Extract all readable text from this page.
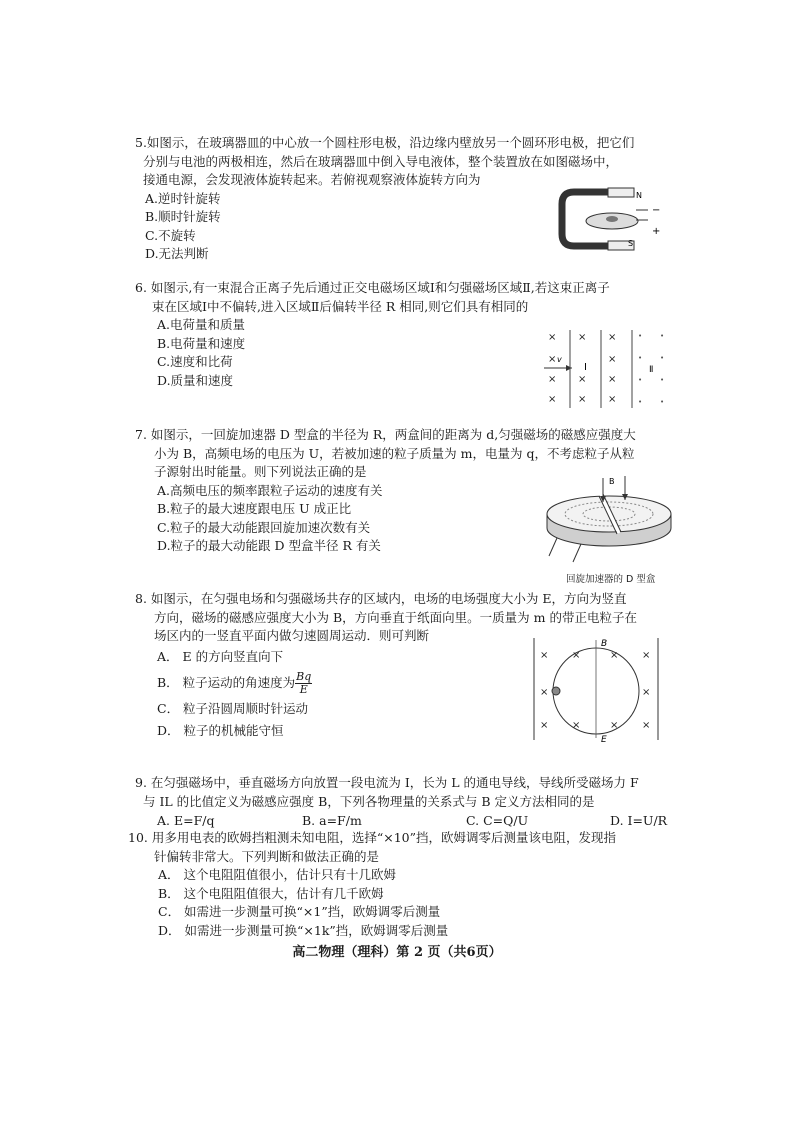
5.如图示，在玻璃器皿的中心放一个圆柱形电极，沿边缘内壁放另一个圆环形电极，把它们
分别与电池的两极相连，然后在玻璃器皿中倒入导电液体，整个装置放在如图磁场中，
接通电源，会发现液体旋转起来。若俯视观察液体旋转方向为
A.逆时针旋转
B.顺时针旋转
C.不旋转
D.无法判断
N
S
−
+
6. 如图示,有一束混合正离子先后通过正交电磁场区域Ⅰ和匀强磁场区域Ⅱ,若这束正离子
束在区域Ⅰ中不偏转,进入区域Ⅱ后偏转半径 R 相同,则它们具有相同的
A.电荷量和质量
B.电荷量和速度
C.速度和比荷
D.质量和速度
× × ×
×	×
× × ×
× × ×
v
Ⅰ
•	•
•	•
•	•
•	•
Ⅱ
7. 如图示，一回旋加速器 D 型盒的半径为 R，两盒间的距离为 d,匀强磁场的磁感应强度大
小为 B，高频电场的电压为 U，若被加速的粒子质量为 m，电量为 q，不考虑粒子从粒
子源射出时能量。则下列说法正确的是
A.高频电压的频率跟粒子运动的速度有关
B.粒子的最大速度跟电压 U 成正比
C.粒子的最大动能跟回旋加速次数有关
D.粒子的最大动能跟 D 型盒半径 R 有关
B
回旋加速器的 D 型盒
8. 如图示，在匀强电场和匀强磁场共存的区域内，电场的电场强度大小为 E，方向为竖直
方向，磁场的磁感应强度大小为 B，方向垂直于纸面向里。一质量为 m 的带正电粒子在
场区内的一竖直平面内做匀速圆周运动．则可判断
A． E 的方向竖直向下
B． 粒子运动的角速度为 $\frac{Bq}{E}$
C． 粒子沿圆周顺时针运动
D． 粒子的机械能守恒
× ×	× ×
×	×
× ×	× ×
B
E
9. 在匀强磁场中，垂直磁场方向放置一段电流为 I，长为 L 的通电导线，导线所受磁场力 F
与 IL 的比值定义为磁感应强度 B，下列各物理量的关系式与 B 定义方法相同的是
A. E=F/q	B. a=F/m	C. C=Q/U	D. I=U/R
10. 用多用电表的欧姆挡粗测未知电阻，选择“×10”挡，欧姆调零后测量该电阻，发现指
针偏转非常大。下列判断和做法正确的是
A． 这个电阻阻值很小，估计只有十几欧姆
B． 这个电阻阻值很大，估计有几千欧姆
C． 如需进一步测量可换“×1”挡，欧姆调零后测量
D． 如需进一步测量可换“×1k”挡，欧姆调零后测量
高二物理（理科）第 2 页（共6页）
